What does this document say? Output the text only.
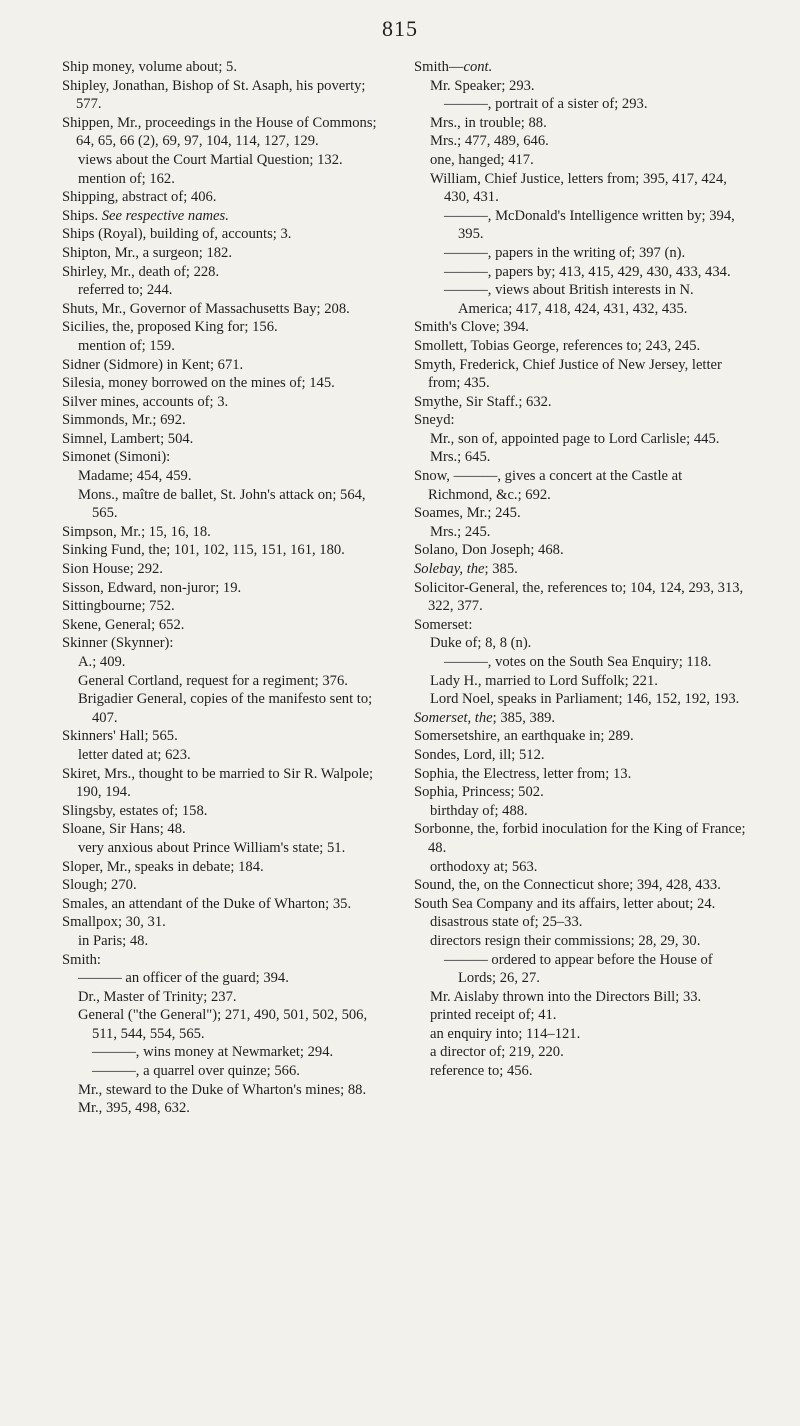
815
Ship money, volume about; 5.
Shipley, Jonathan, Bishop of St. Asaph, his poverty; 577.
Shippen, Mr., proceedings in the House of Commons; 64, 65, 66 (2), 69, 97, 104, 114, 127, 129.
views about the Court Martial Question; 132.
mention of; 162.
Shipping, abstract of; 406.
Ships. See respective names.
Ships (Royal), building of, accounts; 3.
Shipton, Mr., a surgeon; 182.
Shirley, Mr., death of; 228.
referred to; 244.
Shuts, Mr., Governor of Massachusetts Bay; 208.
Sicilies, the, proposed King for; 156.
mention of; 159.
Sidner (Sidmore) in Kent; 671.
Silesia, money borrowed on the mines of; 145.
Silver mines, accounts of; 3.
Simmonds, Mr.; 692.
Simnel, Lambert; 504.
Simonet (Simoni):
Madame; 454, 459.
Mons., maître de ballet, St. John's attack on; 564, 565.
Simpson, Mr.; 15, 16, 18.
Sinking Fund, the; 101, 102, 115, 151, 161, 180.
Sion House; 292.
Sisson, Edward, non-juror; 19.
Sittingbourne; 752.
Skene, General; 652.
Skinner (Skynner):
A.; 409.
General Cortland, request for a regiment; 376.
Brigadier General, copies of the manifesto sent to; 407.
Skinners' Hall; 565.
letter dated at; 623.
Skiret, Mrs., thought to be married to Sir R. Walpole; 190, 194.
Slingsby, estates of; 158.
Sloane, Sir Hans; 48.
very anxious about Prince William's state; 51.
Sloper, Mr., speaks in debate; 184.
Slough; 270.
Smales, an attendant of the Duke of Wharton; 35.
Smallpox; 30, 31.
in Paris; 48.
Smith:
——— an officer of the guard; 394.
Dr., Master of Trinity; 237.
General ("the General"); 271, 490, 501, 502, 506, 511, 544, 554, 565.
———, wins money at Newmarket; 294.
———, a quarrel over quinze; 566.
Mr., steward to the Duke of Wharton's mines; 88.
Mr., 395, 498, 632.
Smith—cont.
Mr. Speaker; 293.
———, portrait of a sister of; 293.
Mrs., in trouble; 88.
Mrs.; 477, 489, 646.
one, hanged; 417.
William, Chief Justice, letters from; 395, 417, 424, 430, 431.
———, McDonald's Intelligence written by; 394, 395.
———, papers in the writing of; 397 (n).
———, papers by; 413, 415, 429, 430, 433, 434.
———, views about British interests in N. America; 417, 418, 424, 431, 432, 435.
Smith's Clove; 394.
Smollett, Tobias George, references to; 243, 245.
Smyth, Frederick, Chief Justice of New Jersey, letter from; 435.
Smythe, Sir Staff.; 632.
Sneyd:
Mr., son of, appointed page to Lord Carlisle; 445.
Mrs.; 645.
Snow, ———, gives a concert at the Castle at Richmond, &c.; 692.
Soames, Mr.; 245.
Mrs.; 245.
Solano, Don Joseph; 468.
Solebay, the; 385.
Solicitor-General, the, references to; 104, 124, 293, 313, 322, 377.
Somerset:
Duke of; 8, 8 (n).
———, votes on the South Sea Enquiry; 118.
Lady H., married to Lord Suffolk; 221.
Lord Noel, speaks in Parliament; 146, 152, 192, 193.
Somerset, the; 385, 389.
Somersetshire, an earthquake in; 289.
Sondes, Lord, ill; 512.
Sophia, the Electress, letter from; 13.
Sophia, Princess; 502.
birthday of; 488.
Sorbonne, the, forbid inoculation for the King of France; 48.
orthodoxy at; 563.
Sound, the, on the Connecticut shore; 394, 428, 433.
South Sea Company and its affairs, letter about; 24.
disastrous state of; 25–33.
directors resign their commissions; 28, 29, 30.
——— ordered to appear before the House of Lords; 26, 27.
Mr. Aislaby thrown into the Directors Bill; 33.
printed receipt of; 41.
an enquiry into; 114–121.
a director of; 219, 220.
reference to; 456.
